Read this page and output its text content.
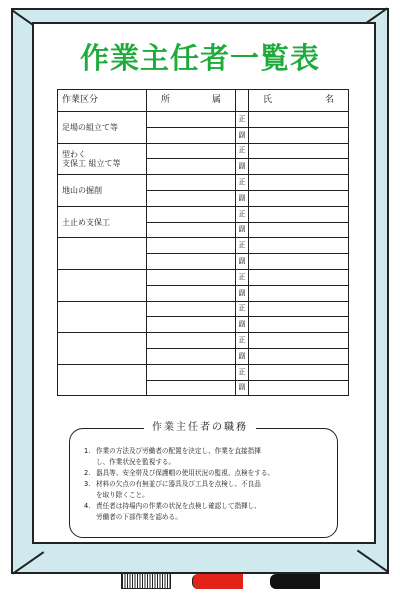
作業主任者一覧表
作業区分	所 属		氏 名

足場の組立て等		正	
		副	

型わく
支保工 組立て等		正	
		副	

地山の掘削		正	
		副	

土止め支保工		正	
		副	

		正	
		副	

		正	
		副	

		正	
		副	

		正	
		副	

		正	
		副	
作業主任者の職務
1. 作業の方法及び労働者の配置を決定し、作業を直接指揮
し、作業状況を監視する。
2. 器具等、安全帯及び保護帽の使用状況の監視、点検をする。
3. 材料の欠点の有無並びに器具及び工具を点検し、不良品
を取り除くこと。
4. 責任者は持場内の作業の状況を点検し確認して指揮し、
労働者の下部作業を認める。
